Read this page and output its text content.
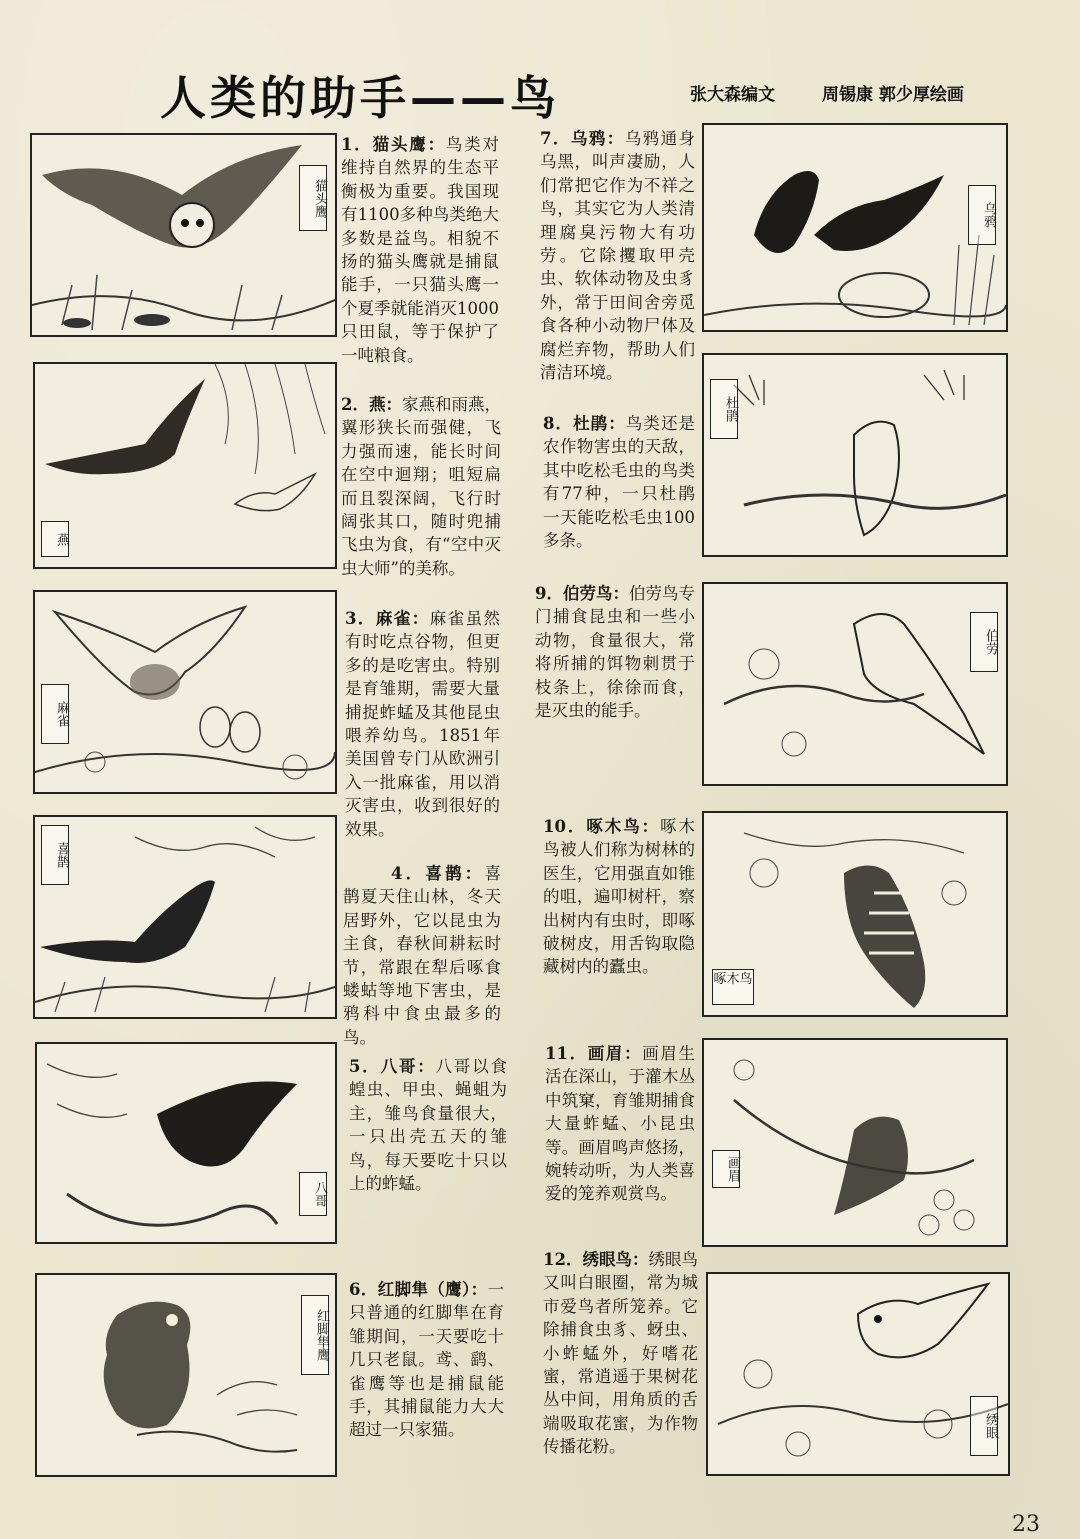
人类的助手——鸟	张大森编文	周锡康 郭少厚绘画
猫头鹰
燕
麻雀
喜鹊
八哥
红脚隼鹰
乌鸦
杜鹃
伯劳
啄木鸟
画眉
绣眼
1．猫头鹰：鸟类对维持自然界的生态平衡极为重要。我国现有1100多种鸟类绝大多数是益鸟。相貌不扬的猫头鹰就是捕鼠能手，一只猫头鹰一个夏季就能消灭1000只田鼠，等于保护了一吨粮食。
2．燕：家燕和雨燕，翼形狭长而强健，飞力强而速，能长时间在空中迴翔；咀短扁而且裂深阔，飞行时阔张其口，随时兜捕飞虫为食，有“空中灭虫大师”的美称。
3．麻雀：麻雀虽然有时吃点谷物，但更多的是吃害虫。特别是育雏期，需要大量捕捉蚱蜢及其他昆虫喂养幼鸟。1851年美国曾专门从欧洲引入一批麻雀，用以消灭害虫，收到很好的效果。
4．喜鹊：喜鹊夏天住山林，冬天居野外，它以昆虫为主食，春秋间耕耘时节，常跟在犁后啄食蝼蛄等地下害虫，是鸦科中食虫最多的鸟。
5．八哥：八哥以食蝗虫、甲虫、蝇蛆为主，雏鸟食量很大，一只出壳五天的雏鸟，每天要吃十只以上的蚱蜢。
6．红脚隼（鹰）：一只普通的红脚隼在育雏期间，一天要吃十几只老鼠。鸢、鹞、雀鹰等也是捕鼠能手，其捕鼠能力大大超过一只家猫。
7．乌鸦：乌鸦通身乌黑，叫声凄励，人们常把它作为不祥之鸟，其实它为人类清理腐臭污物大有功劳。它除攫取甲壳虫、软体动物及虫豸外，常于田间舍旁觅食各种小动物尸体及腐烂弃物，帮助人们清洁环境。
8．杜鹃：鸟类还是农作物害虫的天敌，其中吃松毛虫的鸟类有77种，一只杜鹃一天能吃松毛虫100多条。
9．伯劳鸟：伯劳鸟专门捕食昆虫和一些小动物，食量很大，常将所捕的饵物刺贯于枝条上，徐徐而食，是灭虫的能手。
10．啄木鸟：啄木鸟被人们称为树林的医生，它用强直如锥的咀，遍叩树杆，察出树内有虫时，即啄破树皮，用舌钩取隐藏树内的蠹虫。
11．画眉：画眉生活在深山，于灌木丛中筑窠，育雏期捕食大量蚱蜢、小昆虫等。画眉鸣声悠扬，婉转动听，为人类喜爱的笼养观赏鸟。
12．绣眼鸟：绣眼鸟又叫白眼圈，常为城市爱鸟者所笼养。它除捕食虫豸、蚜虫、小蚱蜢外，好嗜花蜜，常逍遥于果树花丛中间，用角质的舌端吸取花蜜，为作物传播花粉。
23
